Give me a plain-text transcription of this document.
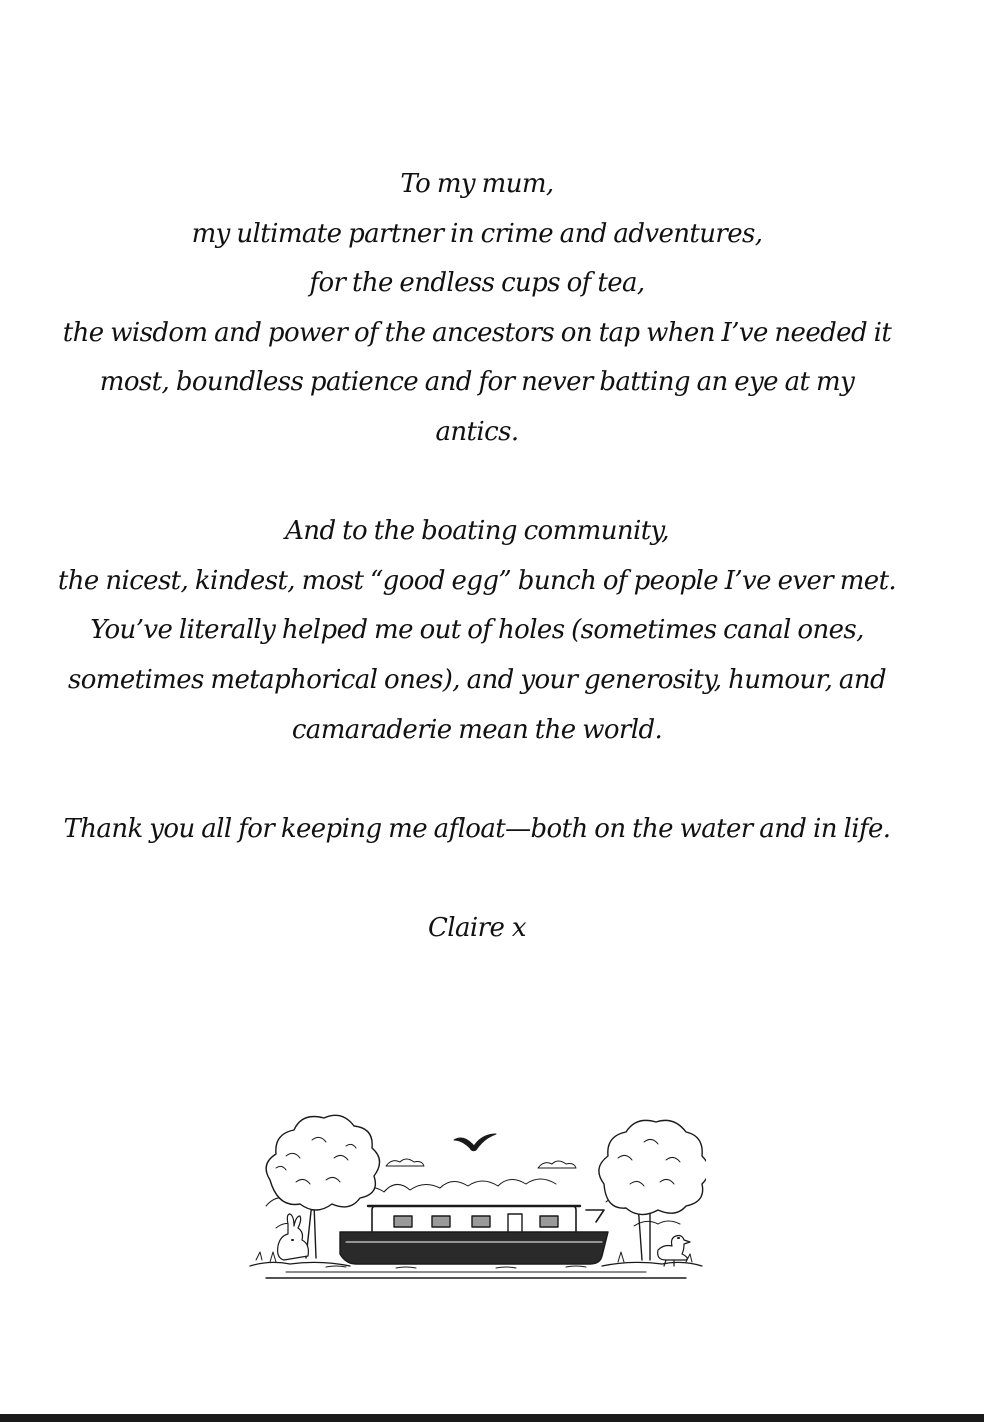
To my mum,
my ultimate partner in crime and adventures,
for the endless cups of tea,
the wisdom and power of the ancestors on tap when I’ve needed it
most, boundless patience and for never batting an eye at my
antics.
And to the boating community,
the nicest, kindest, most “good egg” bunch of people I’ve ever met.
You’ve literally helped me out of holes (sometimes canal ones,
sometimes metaphorical ones), and your generosity, humour, and
camaraderie mean the world.
Thank you all for keeping me afloat—both on the water and in life.
Claire x
